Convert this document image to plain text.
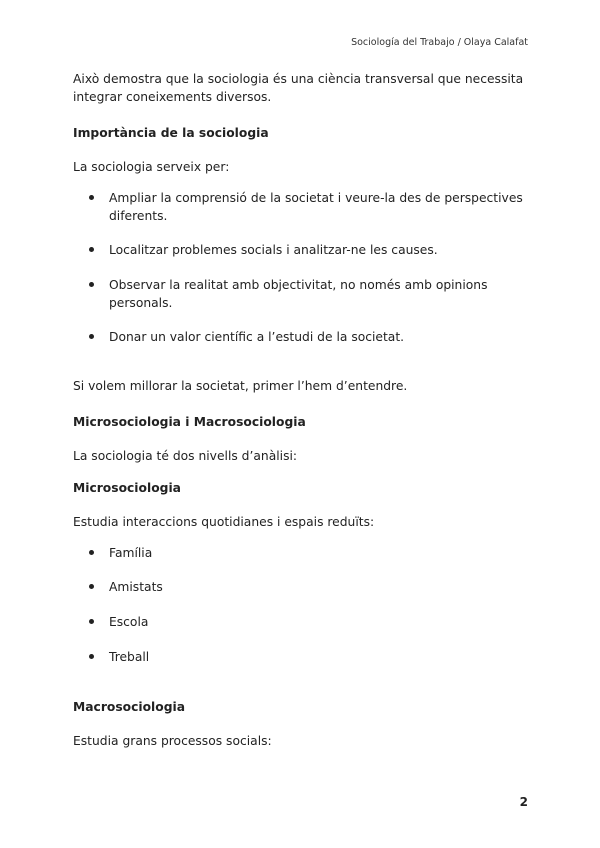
Sociología del Trabajo / Olaya Calafat
Això demostra que la sociologia és una ciència transversal que necessita integrar coneixements diversos.
Importància de la sociologia
La sociologia serveix per:
Ampliar la comprensió de la societat i veure-la des de perspectives diferents.
Localitzar problemes socials i analitzar-ne les causes.
Observar la realitat amb objectivitat, no només amb opinions personals.
Donar un valor científic a l’estudi de la societat.
Si volem millorar la societat, primer l’hem d’entendre.
Microsociologia i Macrosociologia
La sociologia té dos nivells d’anàlisi:
Microsociologia
Estudia interaccions quotidianes i espais reduïts:
Família
Amistats
Escola
Treball
Macrosociologia
Estudia grans processos socials:
2
